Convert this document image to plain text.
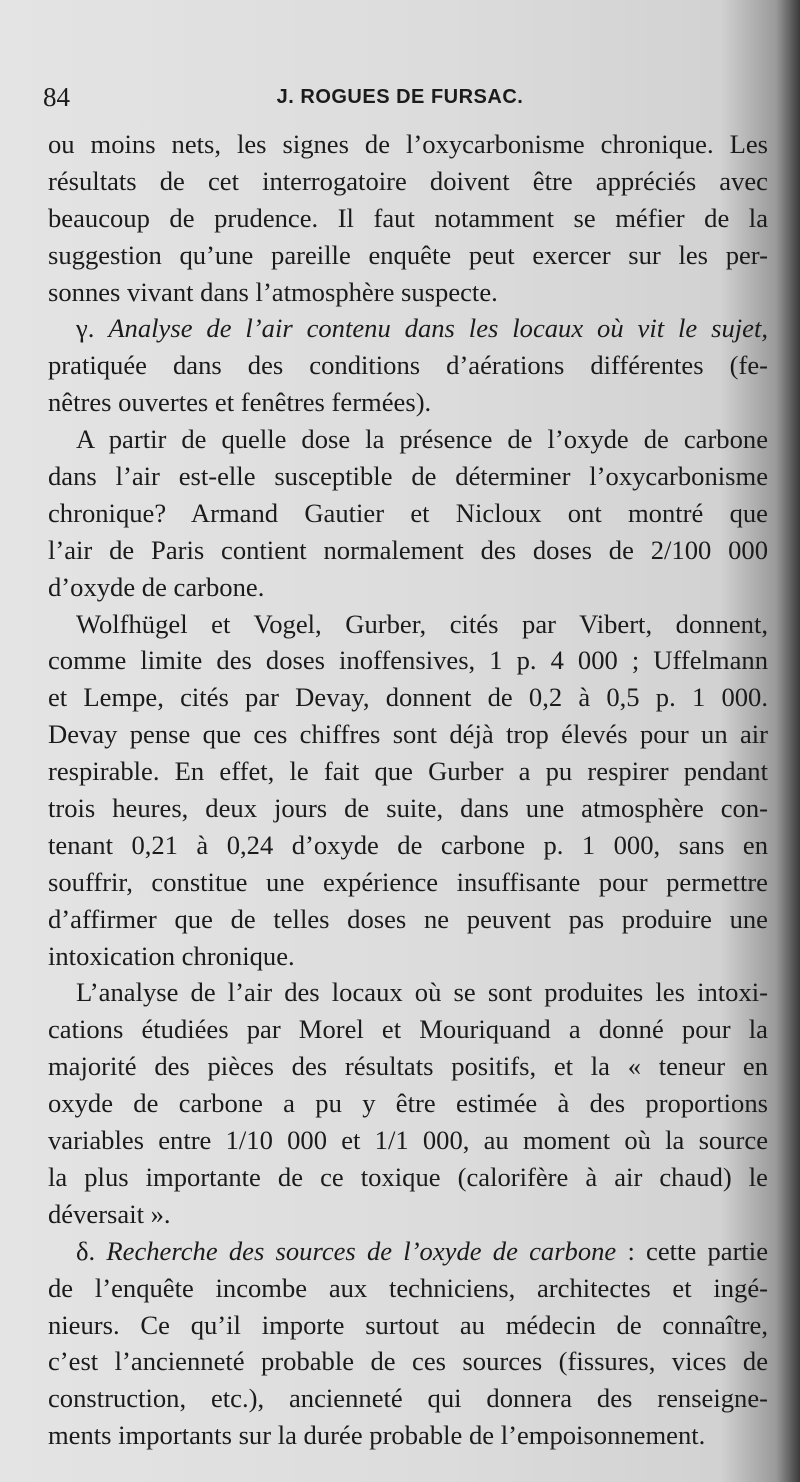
84	J. ROGUES DE FURSAC.
ou moins nets, les signes de l’oxycarbonisme chronique. Les
résultats de cet interrogatoire doivent être appréciés avec
beaucoup de prudence. Il faut notamment se méfier de la
suggestion qu’une pareille enquête peut exercer sur les per-
sonnes vivant dans l’atmosphère suspecte.
γ. Analyse de l’air contenu dans les locaux où vit le sujet,
pratiquée dans des conditions d’aérations différentes (fe-
nêtres ouvertes et fenêtres fermées).
A partir de quelle dose la présence de l’oxyde de carbone
dans l’air est-elle susceptible de déterminer l’oxycarbonisme
chronique? Armand Gautier et Nicloux ont montré que
l’air de Paris contient normalement des doses de 2/100 000
d’oxyde de carbone.
Wolfhügel et Vogel, Gurber, cités par Vibert, donnent,
comme limite des doses inoffensives, 1 p. 4 000 ; Uffelmann
et Lempe, cités par Devay, donnent de 0,2 à 0,5 p. 1 000.
Devay pense que ces chiffres sont déjà trop élevés pour un air
respirable. En effet, le fait que Gurber a pu respirer pendant
trois heures, deux jours de suite, dans une atmosphère con-
tenant 0,21 à 0,24 d’oxyde de carbone p. 1 000, sans en
souffrir, constitue une expérience insuffisante pour permettre
d’affirmer que de telles doses ne peuvent pas produire une
intoxication chronique.
L’analyse de l’air des locaux où se sont produites les intoxi-
cations étudiées par Morel et Mouriquand a donné pour la
majorité des pièces des résultats positifs, et la « teneur en
oxyde de carbone a pu y être estimée à des proportions
variables entre 1/10 000 et 1/1 000, au moment où la source
la plus importante de ce toxique (calorifère à air chaud) le
déversait ».
δ. Recherche des sources de l’oxyde de carbone : cette partie
de l’enquête incombe aux techniciens, architectes et ingé-
nieurs. Ce qu’il importe surtout au médecin de connaître,
c’est l’ancienneté probable de ces sources (fissures, vices de
construction, etc.), ancienneté qui donnera des renseigne-
ments importants sur la durée probable de l’empoisonnement.
